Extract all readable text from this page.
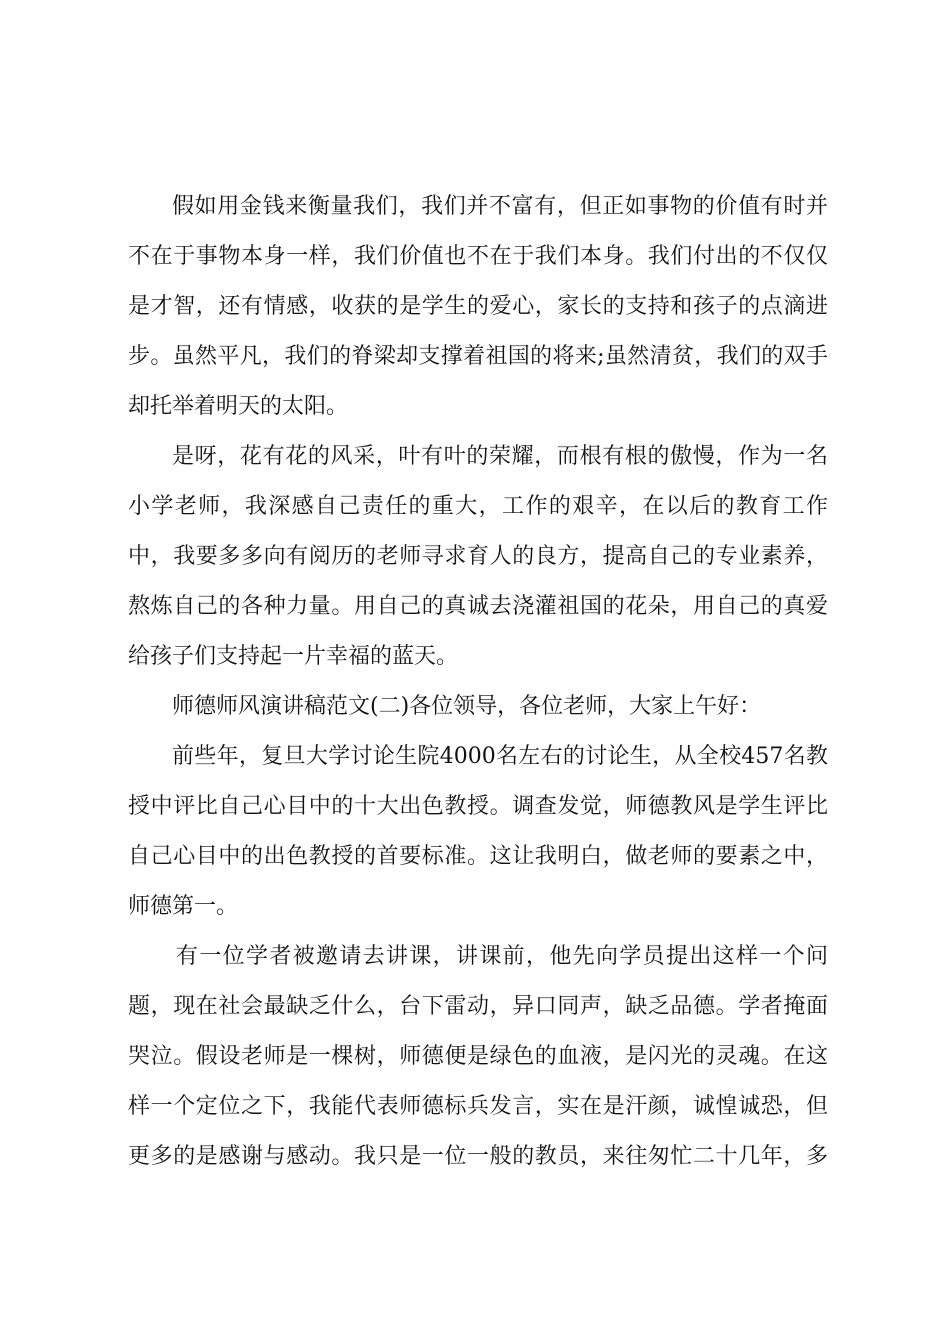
假如用金钱来衡量我们，我们并不富有，但正如事物的价值有时并
不在于事物本身一样，我们价值也不在于我们本身。我们付出的不仅仅
是才智，还有情感，收获的是学生的爱心，家长的支持和孩子的点滴进
步。虽然平凡，我们的脊梁却支撑着祖国的将来;虽然清贫，我们的双手
却托举着明天的太阳。
是呀，花有花的风采，叶有叶的荣耀，而根有根的傲慢，作为一名
小学老师，我深感自己责任的重大，工作的艰辛，在以后的教育工作
中，我要多多向有阅历的老师寻求育人的良方，提高自己的专业素养，
熬炼自己的各种力量。用自己的真诚去浇灌祖国的花朵，用自己的真爱
给孩子们支持起一片幸福的蓝天。
师德师风演讲稿范文(二)各位领导，各位老师，大家上午好：
前些年，复旦大学讨论生院4000名左右的讨论生，从全校457名教
授中评比自己心目中的十大出色教授。调查发觉，师德教风是学生评比
自己心目中的出色教授的首要标准。这让我明白，做老师的要素之中，
师德第一。
有一位学者被邀请去讲课，讲课前，他先向学员提出这样一个问
题，现在社会最缺乏什么，台下雷动，异口同声，缺乏品德。学者掩面
哭泣。假设老师是一棵树，师德便是绿色的血液，是闪光的灵魂。在这
样一个定位之下，我能代表师德标兵发言，实在是汗颜，诚惶诚恐，但
更多的是感谢与感动。我只是一位一般的教员，来往匆忙二十几年，多
